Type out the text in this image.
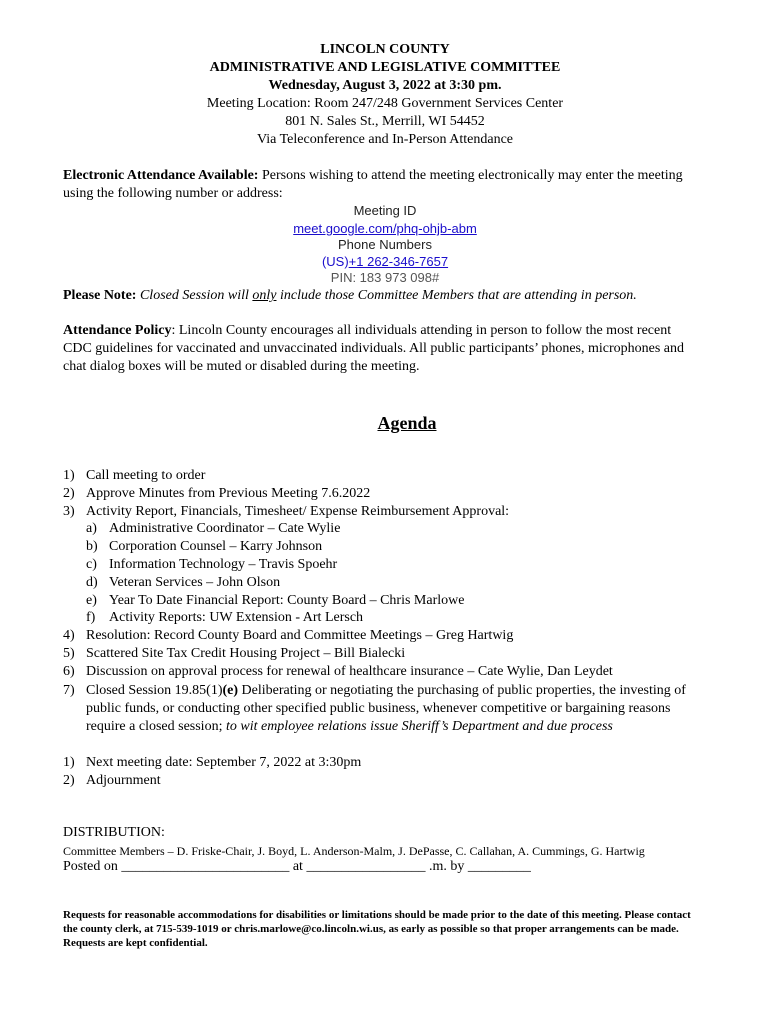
LINCOLN COUNTY
ADMINISTRATIVE AND LEGISLATIVE COMMITTEE
Wednesday, August 3, 2022 at 3:30 pm.
Meeting Location: Room 247/248 Government Services Center
801 N. Sales St., Merrill, WI 54452
Via Teleconference and In-Person Attendance
Electronic Attendance Available: Persons wishing to attend the meeting electronically may enter the meeting using the following number or address:
Meeting ID
meet.google.com/phq-ohjb-abm
Phone Numbers
(US)+1 262-346-7657
PIN: 183 973 098#
Please Note: Closed Session will only include those Committee Members that are attending in person.
Attendance Policy: Lincoln County encourages all individuals attending in person to follow the most recent CDC guidelines for vaccinated and unvaccinated individuals. All public participants’ phones, microphones and chat dialog boxes will be muted or disabled during the meeting.
Agenda
1) Call meeting to order
2) Approve Minutes from Previous Meeting 7.6.2022
3) Activity Report, Financials, Timesheet/ Expense Reimbursement Approval:
a) Administrative Coordinator – Cate Wylie
b) Corporation Counsel – Karry Johnson
c) Information Technology – Travis Spoehr
d) Veteran Services – John Olson
e) Year To Date Financial Report: County Board – Chris Marlowe
f) Activity Reports: UW Extension - Art Lersch
4) Resolution: Record County Board and Committee Meetings – Greg Hartwig
5) Scattered Site Tax Credit Housing Project – Bill Bialecki
6) Discussion on approval process for renewal of healthcare insurance – Cate Wylie, Dan Leydet
7) Closed Session 19.85(1)(e) Deliberating or negotiating the purchasing of public properties, the investing of public funds, or conducting other specified public business, whenever competitive or bargaining reasons require a closed session; to wit employee relations issue Sheriff’s Department and due process
1) Next meeting date: September 7, 2022 at 3:30pm
2) Adjournment
DISTRIBUTION:
Committee Members – D. Friske-Chair, J. Boyd, L. Anderson-Malm, J. DePasse, C. Callahan, A. Cummings, G. Hartwig
Posted on ________________________ at _________________ .m. by _________
Requests for reasonable accommodations for disabilities or limitations should be made prior to the date of this meeting. Please contact the county clerk, at 715-539-1019 or chris.marlowe@co.lincoln.wi.us, as early as possible so that proper arrangements can be made. Requests are kept confidential.
